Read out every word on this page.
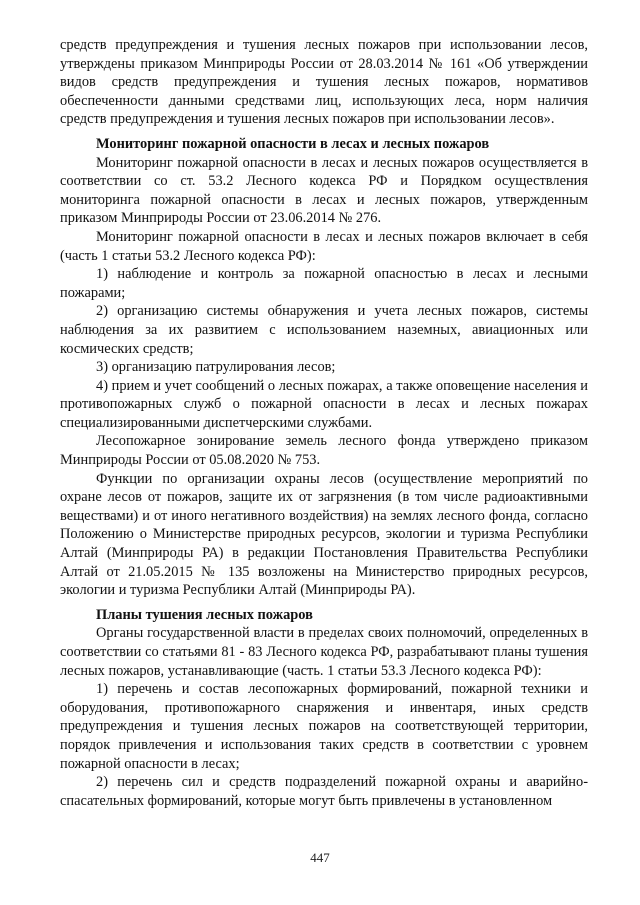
средств предупреждения и тушения лесных пожаров при использовании лесов, утверждены приказом Минприроды России от 28.03.2014 № 161 «Об утверждении видов средств предупреждения и тушения лесных пожаров, нормативов обеспеченности данными средствами лиц, использующих леса, норм наличия средств предупреждения и тушения лесных пожаров при использовании лесов».

Мониторинг пожарной опасности в лесах и лесных пожаров

Мониторинг пожарной опасности в лесах и лесных пожаров осуществляется в соответствии со ст. 53.2 Лесного кодекса РФ и Порядком осуществления мониторинга пожарной опасности в лесах и лесных пожаров, утвержденным приказом Минприроды России от 23.06.2014 № 276.

Мониторинг пожарной опасности в лесах и лесных пожаров включает в себя (часть 1 статьи 53.2 Лесного кодекса РФ):

1) наблюдение и контроль за пожарной опасностью в лесах и лесными пожарами;

2) организацию системы обнаружения и учета лесных пожаров, системы наблюдения за их развитием с использованием наземных, авиационных или космических средств;

3) организацию патрулирования лесов;

4) прием и учет сообщений о лесных пожарах, а также оповещение населения и противопожарных служб о пожарной опасности в лесах и лесных пожарах специализированными диспетчерскими службами.

Лесопожарное зонирование земель лесного фонда утверждено приказом Минприроды России от 05.08.2020 № 753.

Функции по организации охраны лесов (осуществление мероприятий по охране лесов от пожаров, защите их от загрязнения (в том числе радиоактивными веществами) и от иного негативного воздействия) на землях лесного фонда, согласно Положению о Министерстве природных ресурсов, экологии и туризма Республики Алтай (Минприроды РА) в редакции Постановления Правительства Республики Алтай от 21.05.2015 № 135 возложены на Министерство природных ресурсов, экологии и туризма Республики Алтай (Минприроды РА).

Планы тушения лесных пожаров

Органы государственной власти в пределах своих полномочий, определенных в соответствии со статьями 81 - 83 Лесного кодекса РФ, разрабатывают планы тушения лесных пожаров, устанавливающие (часть. 1 статьи 53.3 Лесного кодекса РФ):

1) перечень и состав лесопожарных формирований, пожарной техники и оборудования, противопожарного снаряжения и инвентаря, иных средств предупреждения и тушения лесных пожаров на соответствующей территории, порядок привлечения и использования таких средств в соответствии с уровнем пожарной опасности в лесах;

2) перечень сил и средств подразделений пожарной охраны и аварийно-спасательных формирований, которые могут быть привлечены в установленном

447
